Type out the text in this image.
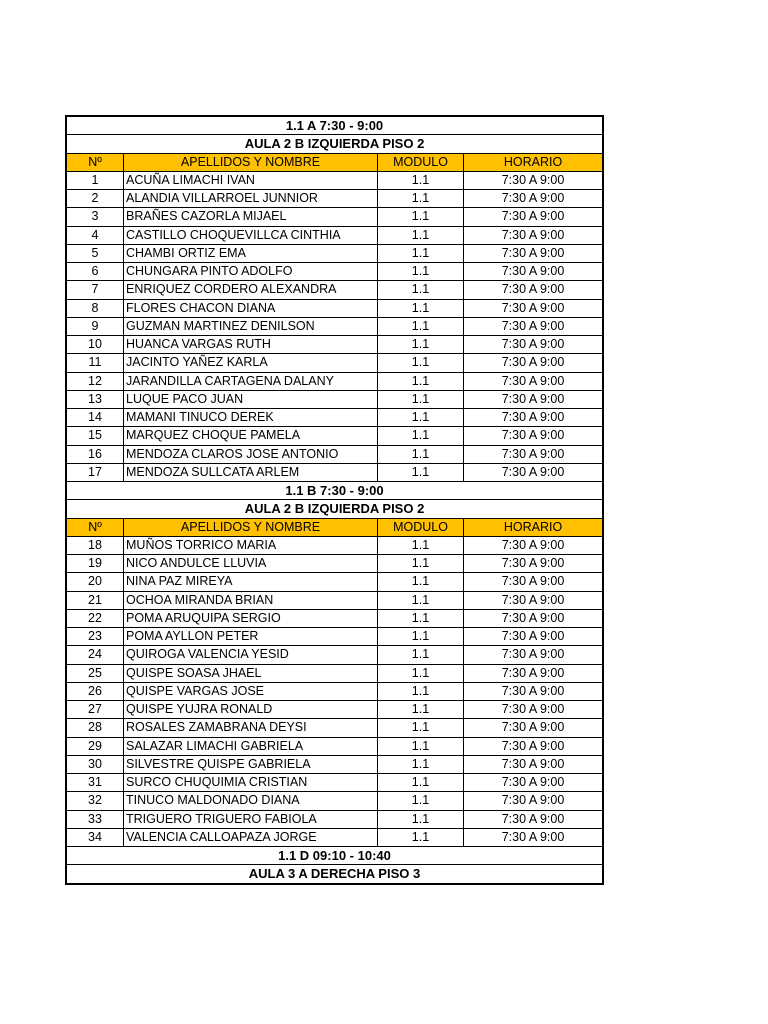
1.1 A 7:30 - 9:00			
AULA 2 B IZQUIERDA PISO 2			
Nº	APELLIDOS Y NOMBRE	MODULO	HORARIO
1	ACUÑA LIMACHI IVAN	1.1	7:30 A 9:00
2	ALANDIA VILLARROEL JUNNIOR	1.1	7:30 A 9:00
3	BRAÑES CAZORLA MIJAEL	1.1	7:30 A 9:00
4	CASTILLO CHOQUEVILLCA CINTHIA	1.1	7:30 A 9:00
5	CHAMBI ORTIZ EMA	1.1	7:30 A 9:00
6	CHUNGARA PINTO ADOLFO	1.1	7:30 A 9:00
7	ENRIQUEZ CORDERO ALEXANDRA	1.1	7:30 A 9:00
8	FLORES CHACON DIANA	1.1	7:30 A 9:00
9	GUZMAN MARTINEZ DENILSON	1.1	7:30 A 9:00
10	HUANCA VARGAS RUTH	1.1	7:30 A 9:00
11	JACINTO YAÑEZ KARLA	1.1	7:30 A 9:00
12	JARANDILLA CARTAGENA DALANY	1.1	7:30 A 9:00
13	LUQUE PACO JUAN	1.1	7:30 A 9:00
14	MAMANI TINUCO DEREK	1.1	7:30 A 9:00
15	MARQUEZ CHOQUE PAMELA	1.1	7:30 A 9:00
16	MENDOZA CLAROS JOSE ANTONIO	1.1	7:30 A 9:00
17	MENDOZA SULLCATA ARLEM	1.1	7:30 A 9:00
1.1 B 7:30 - 9:00			
AULA 2 B IZQUIERDA PISO 2			
Nº	APELLIDOS Y NOMBRE	MODULO	HORARIO
18	MUÑOS TORRICO MARIA	1.1	7:30 A 9:00
19	NICO ANDULCE LLUVIA	1.1	7:30 A 9:00
20	NINA PAZ MIREYA	1.1	7:30 A 9:00
21	OCHOA MIRANDA BRIAN	1.1	7:30 A 9:00
22	POMA ARUQUIPA SERGIO	1.1	7:30 A 9:00
23	POMA AYLLON PETER	1.1	7:30 A 9:00
24	QUIROGA VALENCIA YESID	1.1	7:30 A 9:00
25	QUISPE SOASA JHAEL	1.1	7:30 A 9:00
26	QUISPE VARGAS JOSE	1.1	7:30 A 9:00
27	QUISPE YUJRA RONALD	1.1	7:30 A 9:00
28	ROSALES ZAMABRANA DEYSI	1.1	7:30 A 9:00
29	SALAZAR LIMACHI GABRIELA	1.1	7:30 A 9:00
30	SILVESTRE QUISPE GABRIELA	1.1	7:30 A 9:00
31	SURCO CHUQUIMIA CRISTIAN	1.1	7:30 A 9:00
32	TINUCO MALDONADO DIANA	1.1	7:30 A 9:00
33	TRIGUERO TRIGUERO FABIOLA	1.1	7:30 A 9:00
34	VALENCIA CALLOAPAZA JORGE	1.1	7:30 A 9:00
1.1 D 09:10 - 10:40			
AULA 3 A DERECHA PISO 3			
